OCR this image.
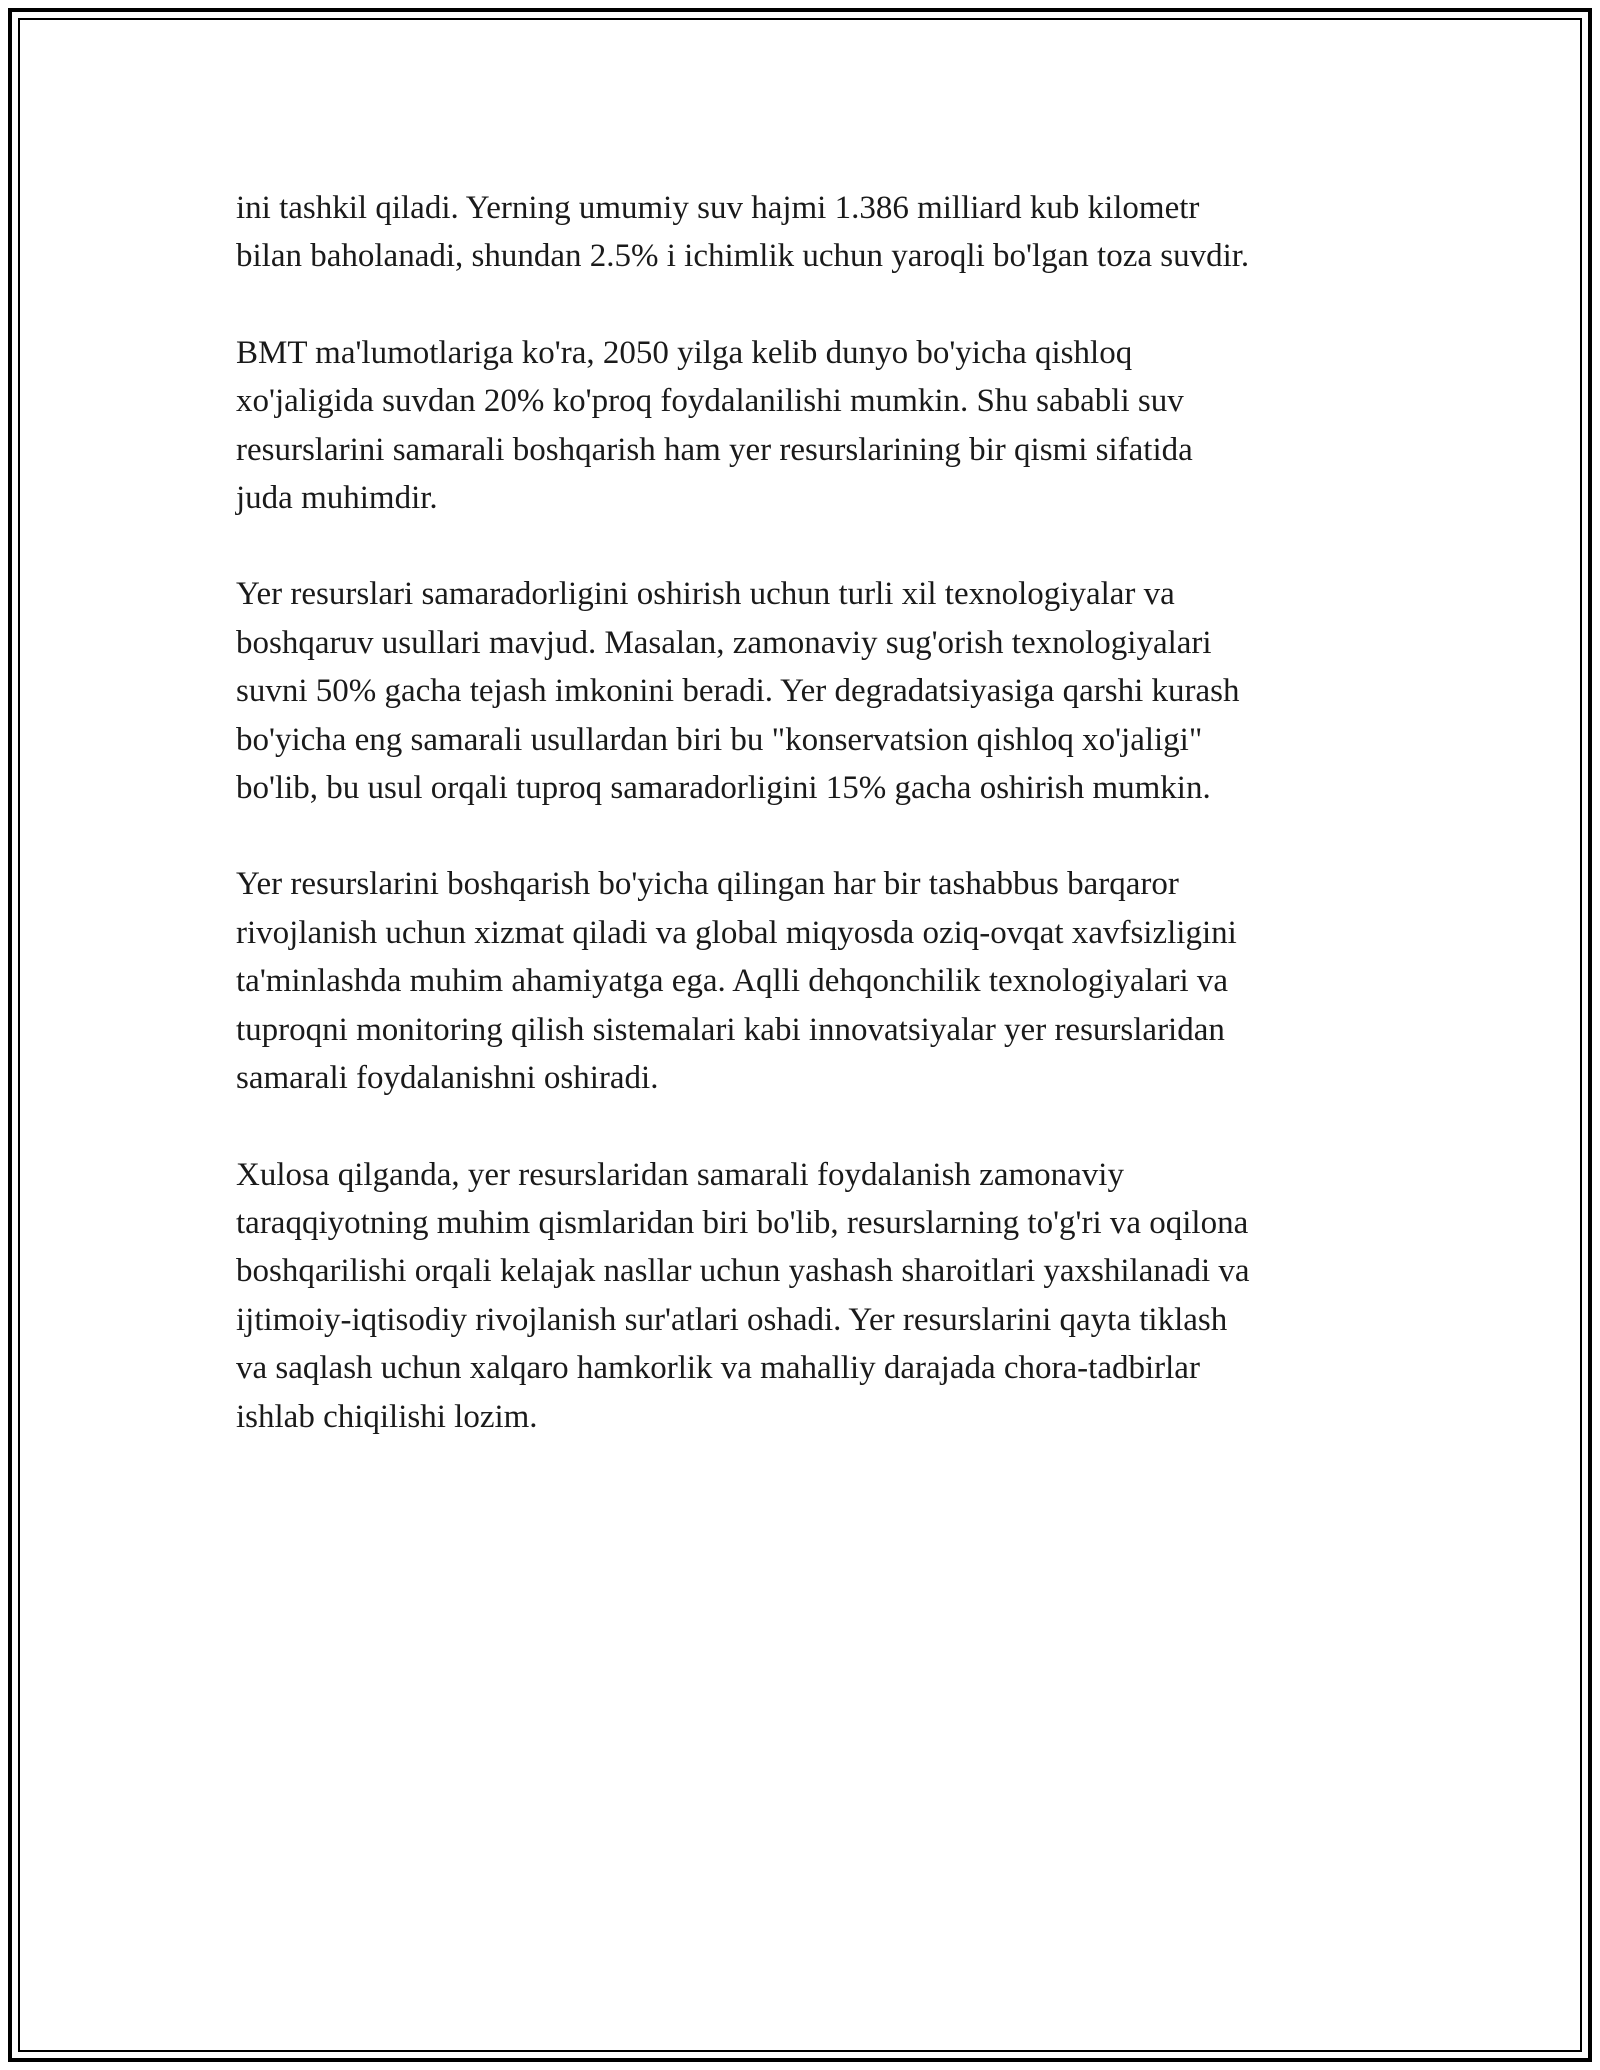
ini tashkil qiladi. Yerning umumiy suv hajmi 1.386 milliard kub kilometr
bilan baholanadi, shundan 2.5% i ichimlik uchun yaroqli bo'lgan toza suvdir.
BMT ma'lumotlariga ko'ra, 2050 yilga kelib dunyo bo'yicha qishloq
xo'jaligida suvdan 20% ko'proq foydalanilishi mumkin. Shu sababli suv
resurslarini samarali boshqarish ham yer resurslarining bir qismi sifatida
juda muhimdir.
Yer resurslari samaradorligini oshirish uchun turli xil texnologiyalar va
boshqaruv usullari mavjud. Masalan, zamonaviy sug'orish texnologiyalari
suvni 50% gacha tejash imkonini beradi. Yer degradatsiyasiga qarshi kurash
bo'yicha eng samarali usullardan biri bu "konservatsion qishloq xo'jaligi"
bo'lib, bu usul orqali tuproq samaradorligini 15% gacha oshirish mumkin.
Yer resurslarini boshqarish bo'yicha qilingan har bir tashabbus barqaror
rivojlanish uchun xizmat qiladi va global miqyosda oziq-ovqat xavfsizligini
ta'minlashda muhim ahamiyatga ega. Aqlli dehqonchilik texnologiyalari va
tuproqni monitoring qilish sistemalari kabi innovatsiyalar yer resurslaridan
samarali foydalanishni oshiradi.
Xulosa qilganda, yer resurslaridan samarali foydalanish zamonaviy
taraqqiyotning muhim qismlaridan biri bo'lib, resurslarning to'g'ri va oqilona
boshqarilishi orqali kelajak nasllar uchun yashash sharoitlari yaxshilanadi va
ijtimoiy-iqtisodiy rivojlanish sur'atlari oshadi. Yer resurslarini qayta tiklash
va saqlash uchun xalqaro hamkorlik va mahalliy darajada chora-tadbirlar
ishlab chiqilishi lozim.
